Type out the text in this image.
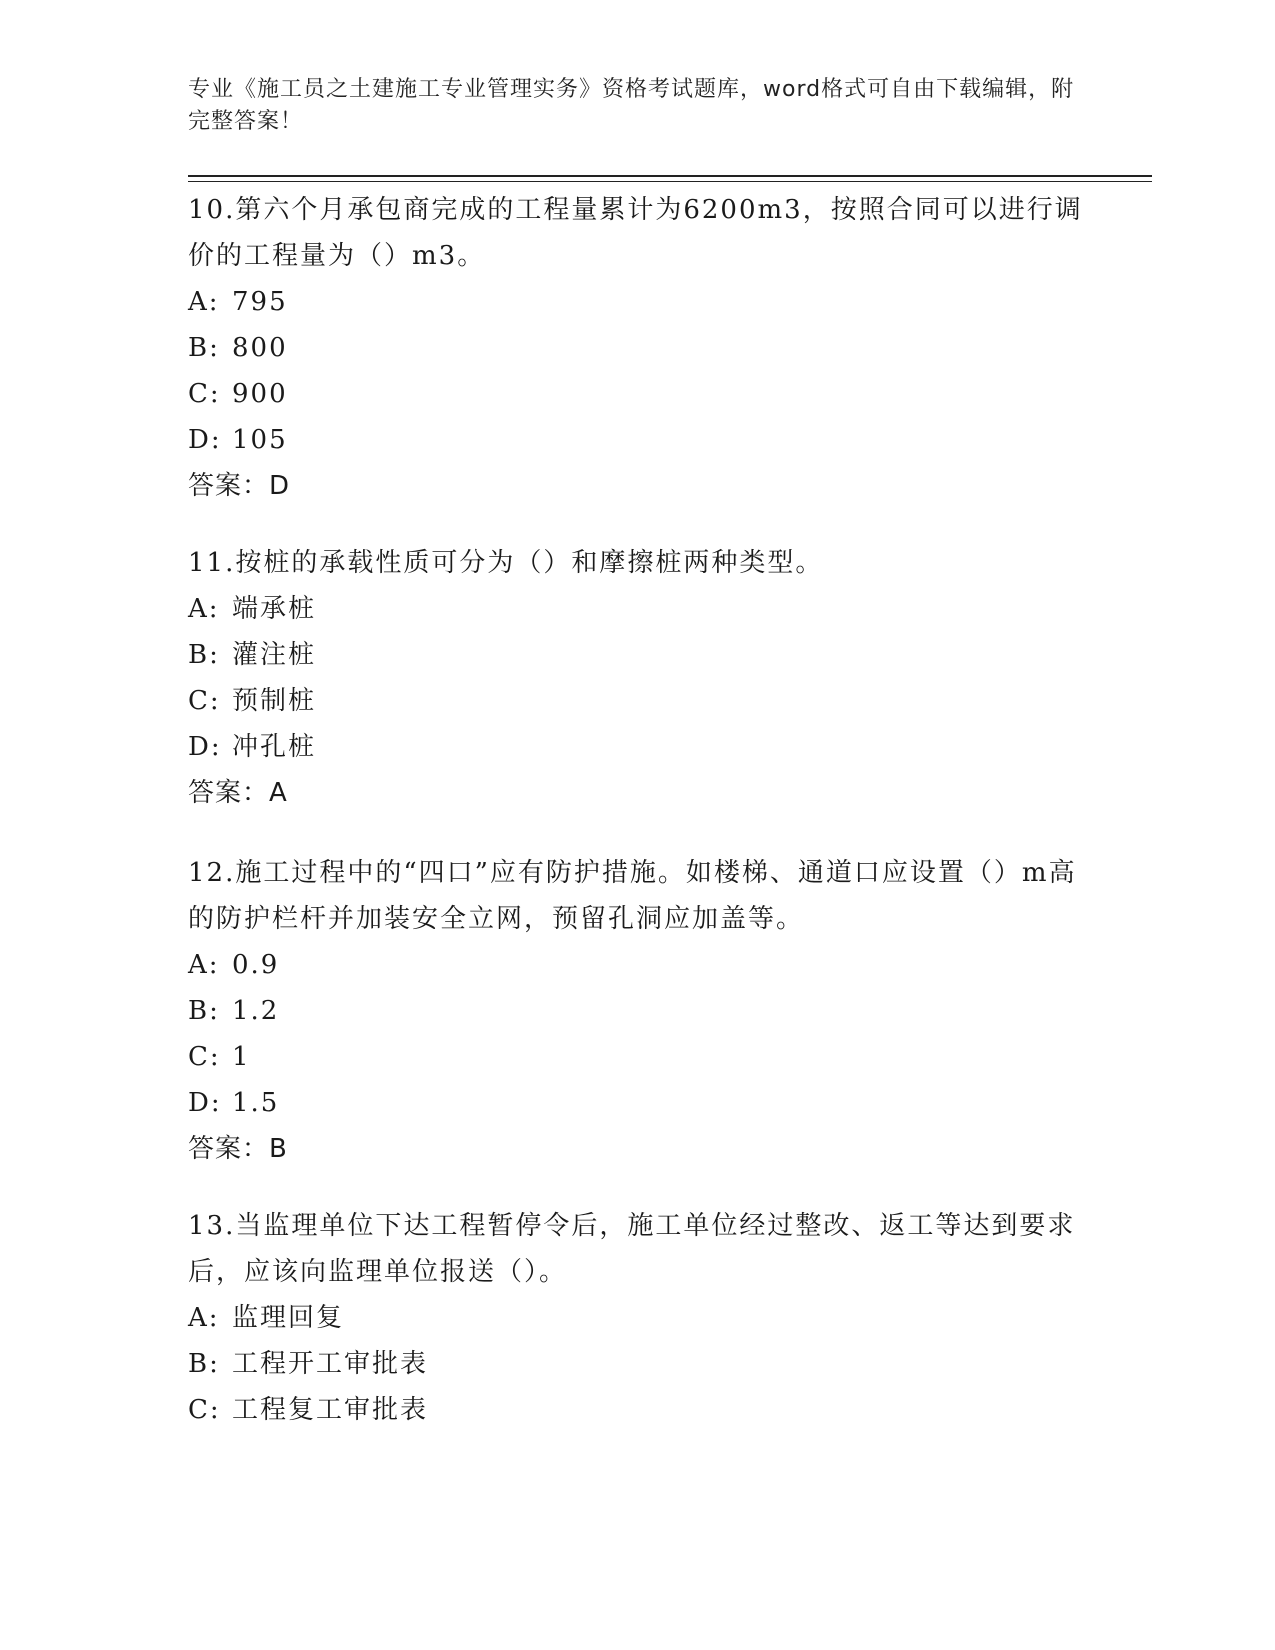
专业《施工员之土建施工专业管理实务》资格考试题库，word格式可自由下载编辑，附完整答案！
10.第六个月承包商完成的工程量累计为6200m3，按照合同可以进行调价的工程量为（）m3。
A: 795
B: 800
C: 900
D: 105
答案：D
11.按桩的承载性质可分为（）和摩擦桩两种类型。
A: 端承桩
B: 灌注桩
C: 预制桩
D: 冲孔桩
答案：A
12.施工过程中的“四口”应有防护措施。如楼梯、通道口应设置（）m高的防护栏杆并加装安全立网，预留孔洞应加盖等。
A: 0.9
B: 1.2
C: 1
D: 1.5
答案：B
13.当监理单位下达工程暂停令后，施工单位经过整改、返工等达到要求后，应该向监理单位报送（）。
A: 监理回复
B: 工程开工审批表
C: 工程复工审批表
